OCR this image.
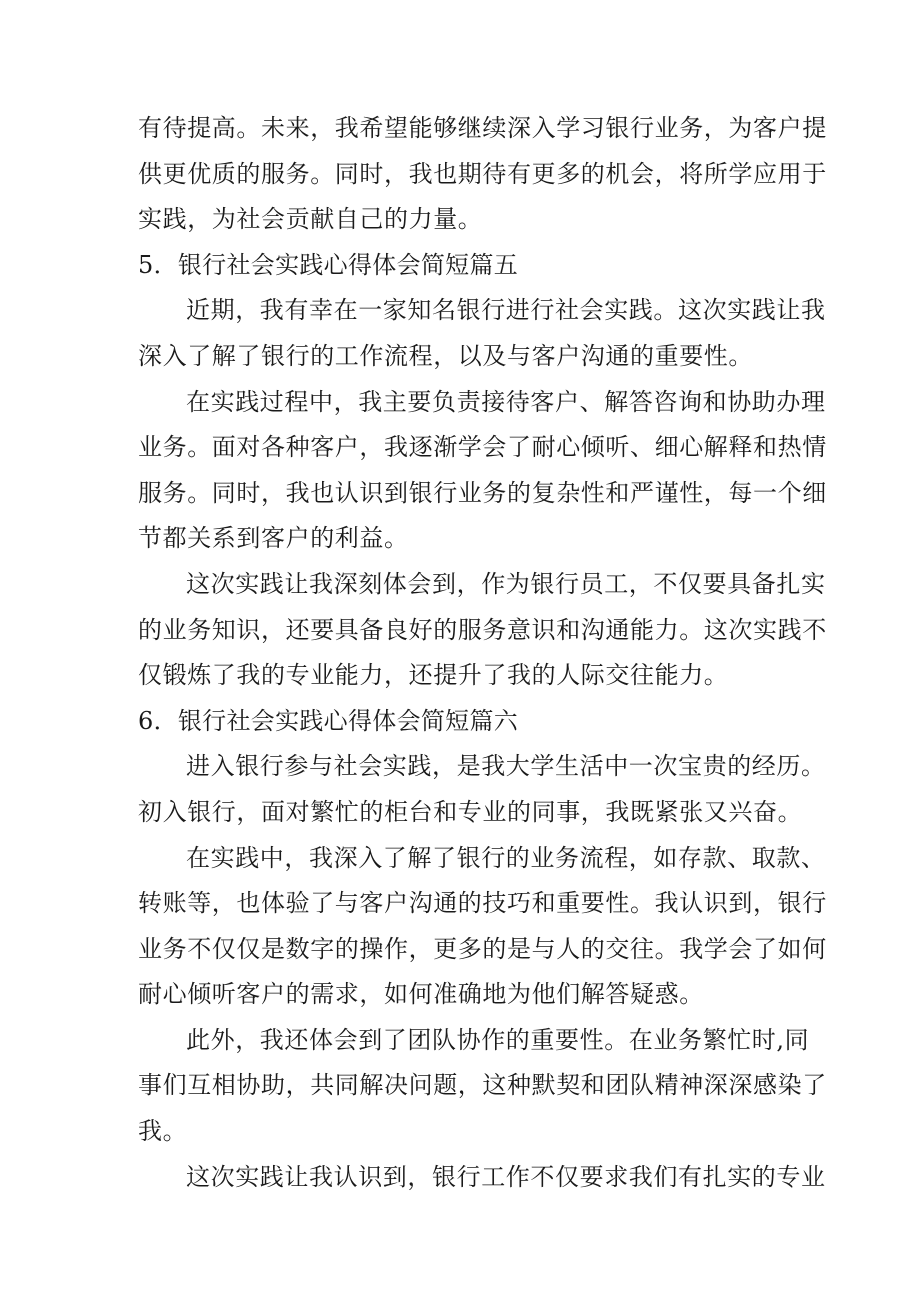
有待提高。未来，我希望能够继续深入学习银行业务，为客户提
供更优质的服务。同时，我也期待有更多的机会，将所学应用于
实践，为社会贡献自己的力量。
5．银行社会实践心得体会简短篇五
近期，我有幸在一家知名银行进行社会实践。这次实践让我
深入了解了银行的工作流程，以及与客户沟通的重要性。
在实践过程中，我主要负责接待客户、解答咨询和协助办理
业务。面对各种客户，我逐渐学会了耐心倾听、细心解释和热情
服务。同时，我也认识到银行业务的复杂性和严谨性，每一个细
节都关系到客户的利益。
这次实践让我深刻体会到，作为银行员工，不仅要具备扎实
的业务知识，还要具备良好的服务意识和沟通能力。这次实践不
仅锻炼了我的专业能力，还提升了我的人际交往能力。
6．银行社会实践心得体会简短篇六
进入银行参与社会实践，是我大学生活中一次宝贵的经历。
初入银行，面对繁忙的柜台和专业的同事，我既紧张又兴奋。
在实践中，我深入了解了银行的业务流程，如存款、取款、
转账等，也体验了与客户沟通的技巧和重要性。我认识到，银行
业务不仅仅是数字的操作，更多的是与人的交往。我学会了如何
耐心倾听客户的需求，如何准确地为他们解答疑惑。
此外，我还体会到了团队协作的重要性。在业务繁忙时,同
事们互相协助，共同解决问题，这种默契和团队精神深深感染了
我。
这次实践让我认识到，银行工作不仅要求我们有扎实的专业
